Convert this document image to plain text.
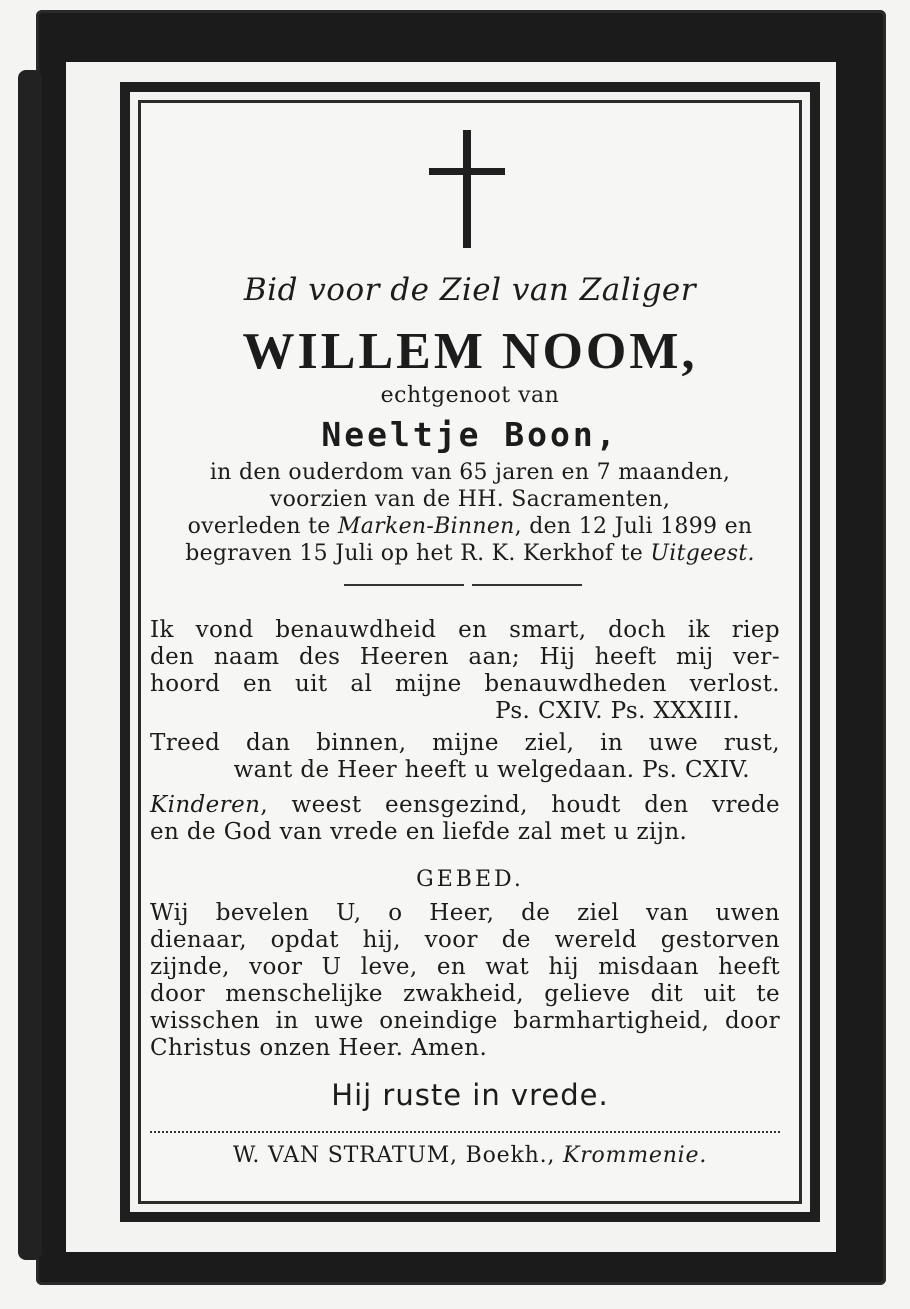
Bid voor de Ziel van Zaliger
WILLEM NOOM,
echtgenoot van
Neeltje Boon,
in den ouderdom van 65 jaren en 7 maanden,
voorzien van de HH. Sacramenten,
overleden te Marken-Binnen, den 12 Juli 1899 en
begraven 15 Juli op het R. K. Kerkhof te Uitgeest.
Ik vond benauwdheid en smart, doch ik riep
den naam des Heeren aan; Hij heeft mij ver-
hoord en uit al mijne benauwdheden verlost.
Ps. CXIV. Ps. XXXIII.
Treed dan binnen, mijne ziel, in uwe rust,
want de Heer heeft u welgedaan. Ps. CXIV.
Kinderen, weest eensgezind, houdt den vrede
en de God van vrede en liefde zal met u zijn.
GEBED.
Wij bevelen U, o Heer, de ziel van uwen
dienaar, opdat hij, voor de wereld gestorven
zijnde, voor U leve, en wat hij misdaan heeft
door menschelijke zwakheid, gelieve dit uit te
wisschen in uwe oneindige barmhartigheid, door
Christus onzen Heer. Amen.
Hij ruste in vrede.
W. VAN STRATUM, Boekh., Krommenie.
